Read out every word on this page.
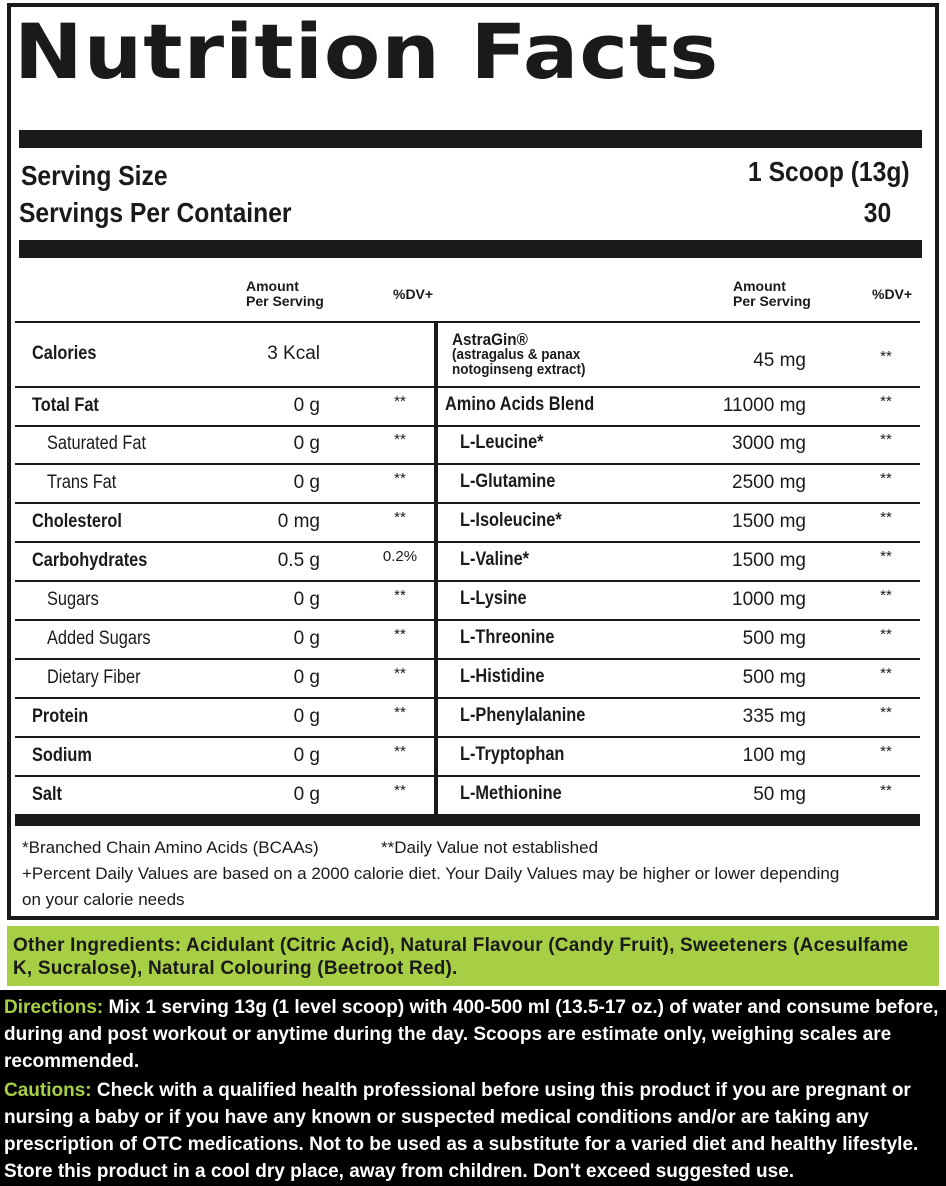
Nutrition Facts
Serving Size	1 Scoop (13g)
Servings Per Container	30
Amount
Per Serving	%DV+	Amount
Per Serving	%DV+
Calories	3 Kcal
Total Fat	0 g	**
Saturated Fat	0 g	**
Trans Fat	0 g	**
Cholesterol	0 mg	**
Carbohydrates	0.5 g	0.2%
Sugars	0 g	**
Added Sugars	0 g	**
Dietary Fiber	0 g	**
Protein	0 g	**
Sodium	0 g	**
Salt	0 g	**
AstraGin®
(astragalus & panax
notoginseng extract)	45 mg	**
Amino Acids Blend	11000 mg	**
L-Leucine*	3000 mg	**
L-Glutamine	2500 mg	**
L-Isoleucine*	1500 mg	**
L-Valine*	1500 mg	**
L-Lysine	1000 mg	**
L-Threonine	500 mg	**
L-Histidine	500 mg	**
L-Phenylalanine	335 mg	**
L-Tryptophan	100 mg	**
L-Methionine	50 mg	**
*Branched Chain Amino Acids (BCAAs)	**Daily Value not established
+Percent Daily Values are based on a 2000 calorie diet. Your Daily Values may be higher or lower depending
on your calorie needs

Other Ingredients: Acidulant (Citric Acid), Natural Flavour (Candy Fruit), Sweeteners (Acesulfame K, Sucralose), Natural Colouring (Beetroot Red).

Directions: Mix 1 serving 13g (1 level scoop) with 400-500 ml (13.5-17 oz.) of water and consume before, during and post workout or anytime during the day. Scoops are estimate only, weighing scales are recommended.

Cautions: Check with a qualified health professional before using this product if you are pregnant or nursing a baby or if you have any known or suspected medical conditions and/or are taking any prescription of OTC medications. Not to be used as a substitute for a varied diet and healthy lifestyle. Store this product in a cool dry place, away from children. Don't exceed suggested use.
